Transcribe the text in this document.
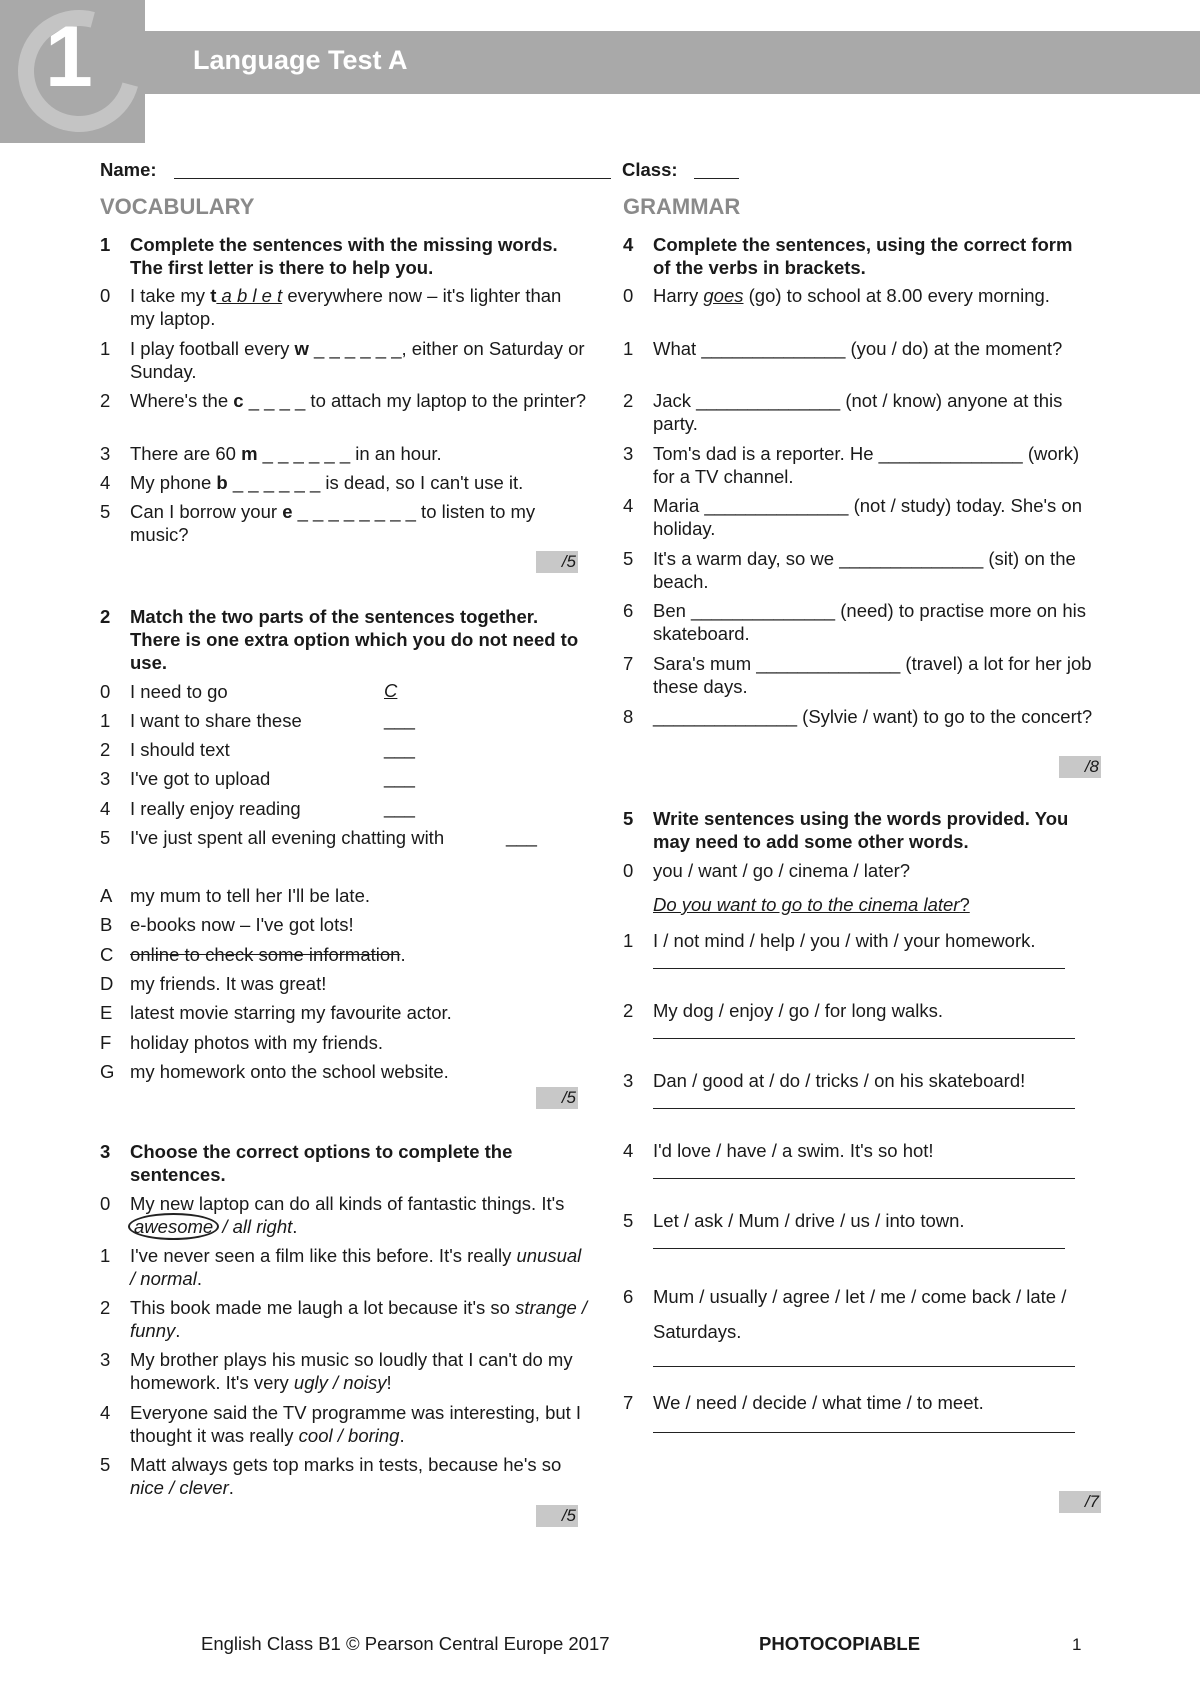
1	Language Test A
Name:	Class:
VOCABULARY
1	Complete the sentences with the missing words. The first letter is there to help you.
0	I take my t a b l e t everywhere now – it's lighter than my laptop.
1	I play football every w _ _ _ _ _ _, either on Saturday or Sunday.
2	Where's the c _ _ _ _ to attach my laptop to the printer?
3	There are 60 m _ _ _ _ _ _ in an hour.
4	My phone b _ _ _ _ _ _ is dead, so I can't use it.
5	Can I borrow your e _ _ _ _ _ _ _ _ to listen to my music?
/5
2	Match the two parts of the sentences together. There is one extra option which you do not need to use.
0	I need to go	C
1	I want to share these	___
2	I should text	___
3	I've got to upload	___
4	I really enjoy reading	___
5	I've just spent all evening chatting with	___
A my mum to tell her I'll be late.
B e-books now – I've got lots!
C online to check some information.
D my friends. It was great!
E latest movie starring my favourite actor.
F	holiday photos with my friends.
G my homework onto the school website.
/5
3	Choose the correct options to complete the sentences.
0	My new laptop can do all kinds of fantastic things. It's awesome / all right.
1	I've never seen a film like this before. It's really unusual / normal.
2	This book made me laugh a lot because it's so strange / funny.
3	My brother plays his music so loudly that I can't do my homework. It's very ugly / noisy!
4	Everyone said the TV programme was interesting, but I thought it was really cool / boring.
5	Matt always gets top marks in tests, because he's so nice / clever.
/5
GRAMMAR
4	Complete the sentences, using the correct form of the verbs in brackets.
0	Harry goes (go) to school at 8.00 every morning.
1	What ______________ (you / do) at the moment?
2	Jack ______________ (not / know) anyone at this party.
3	Tom's dad is a reporter. He ______________ (work) for a TV channel.
4	Maria ______________ (not / study) today. She's on holiday.
5	It's a warm day, so we ______________ (sit) on the beach.
6	Ben ______________ (need) to practise more on his skateboard.
7	Sara's mum ______________ (travel) a lot for her job these days.
8	______________ (Sylvie / want) to go to the concert?
/8
5	Write sentences using the words provided. You may need to add some other words.
0	you / want / go / cinema / later?
Do you want to go to the cinema later?
1	I / not mind / help / you / with / your homework.
2	My dog / enjoy / go / for long walks.
3	Dan / good at / do / tricks / on his skateboard!
4	I'd love / have / a swim. It's so hot!
5	Let / ask / Mum / drive / us / into town.
6	Mum / usually / agree / let / me / come back / late / Saturdays.
7	We / need / decide / what time / to meet.
/7
English Class B1 © Pearson Central Europe 2017	PHOTOCOPIABLE	1
